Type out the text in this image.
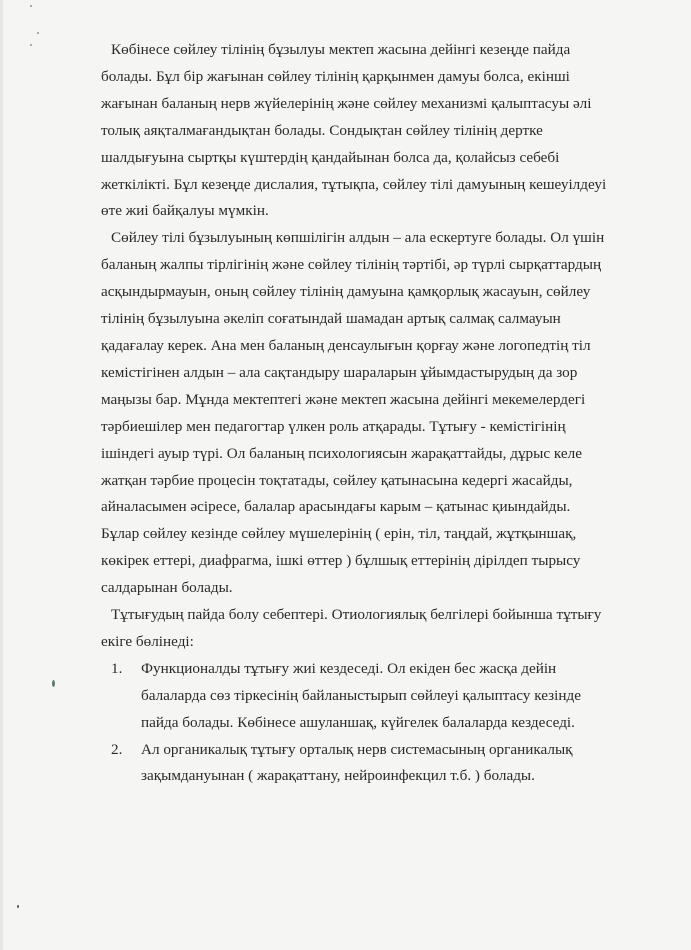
Көбінесе сөйлеу тілінің бұзылуы мектеп жасына дейінгі кезеңде пайда

болады. Бұл бір жағынан сөйлеу тілінің қарқынмен дамуы болса, екінші

жағынан баланың нерв жүйелерінің және сөйлеу механизмі қалыптасуы әлі

толық аяқталмағандықтан болады. Сондықтан сөйлеу тілінің дертке

шалдығуына сыртқы күштердің қандайынан болса да, қолайсыз себебі

жеткілікті. Бұл кезеңде дислалия, тұтықпа, сөйлеу тілі дамуының кешеуілдеуі

өте жиі байқалуы мүмкін.

Сөйлеу тілі бұзылуының көпшілігін алдын – ала ескертуге болады. Ол үшін

баланың жалпы тірлігінің және сөйлеу тілінің тәртібі, әр түрлі сырқаттардың

асқындырмауын, оның сөйлеу тілінің дамуына қамқорлық жасауын, сөйлеу

тілінің бұзылуына әкеліп соғатындай шамадан артық салмақ салмауын

қадағалау керек. Ана мен баланың денсаулығын қорғау және логопедтің тіл

кемістігінен алдын – ала сақтандыру шараларын ұйымдастырудың да зор

маңызы бар. Мұнда мектептегі және мектеп жасына дейінгі мекемелердегі

тәрбиешілер мен педагогтар үлкен роль атқарады. Тұтығу - кемістігінің

ішіндегі ауыр түрі. Ол баланың психологиясын жарақаттайды, дұрыс келе

жатқан тәрбие процесін тоқтатады, сөйлеу қатынасына кедергі жасайды,

айналасымен әсіресе, балалар арасындағы карым – қатынас қиындайды.

Бұлар сөйлеу кезінде сөйлеу мүшелерінің ( ерін, тіл, таңдай, жұтқыншақ,

көкірек еттері, диафрагма, ішкі өттер ) бұлшық еттерінің дірілдеп тырысу

салдарынан болады.

Тұтығудың пайда болу себептері. Отиологиялық белгілері бойынша тұтығу

екіге бөлінеді:

1.	Функционалды тұтығу жиі кездеседі. Ол екіден бес жасқа дейін

балаларда сөз тіркесінің байланыстырып сөйлеуі қалыптасу кезінде

пайда болады. Көбінесе ашуланшақ, күйгелек балаларда кездеседі.

2.	Ал органикалық тұтығу орталық нерв системасының органикалық

зақымдануынан ( жарақаттану, нейроинфекцил т.б. ) болады.
